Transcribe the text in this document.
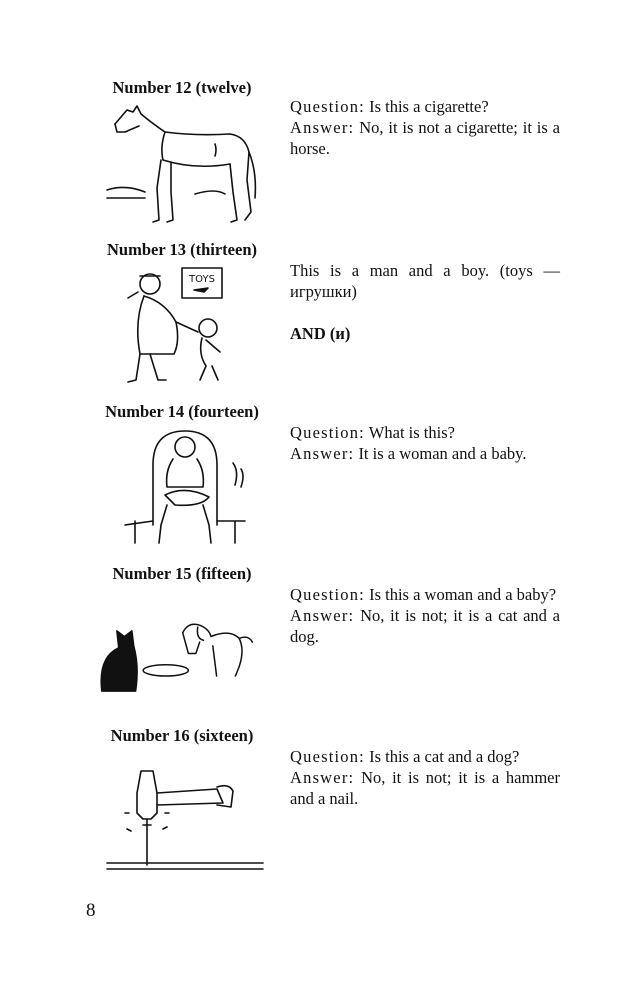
Number 12 (twelve)

Question: Is this a cigarette?

Answer: No, it is not a cigarette; it is a horse.

Number 13 (thirteen)
TOYS	This is a man and a boy. (toys — игрушки)

AND (и)

Number 14 (fourteen)

Question: What is this?

Answer: It is a woman and a baby.

Number 15 (fifteen)

Question: Is this a woman and a baby?

Answer: No, it is not; it is a cat and a dog.

Number 16 (sixteen)

Question: Is this a cat and a dog?

Answer: No, it is not; it is a hammer and a nail.

8
